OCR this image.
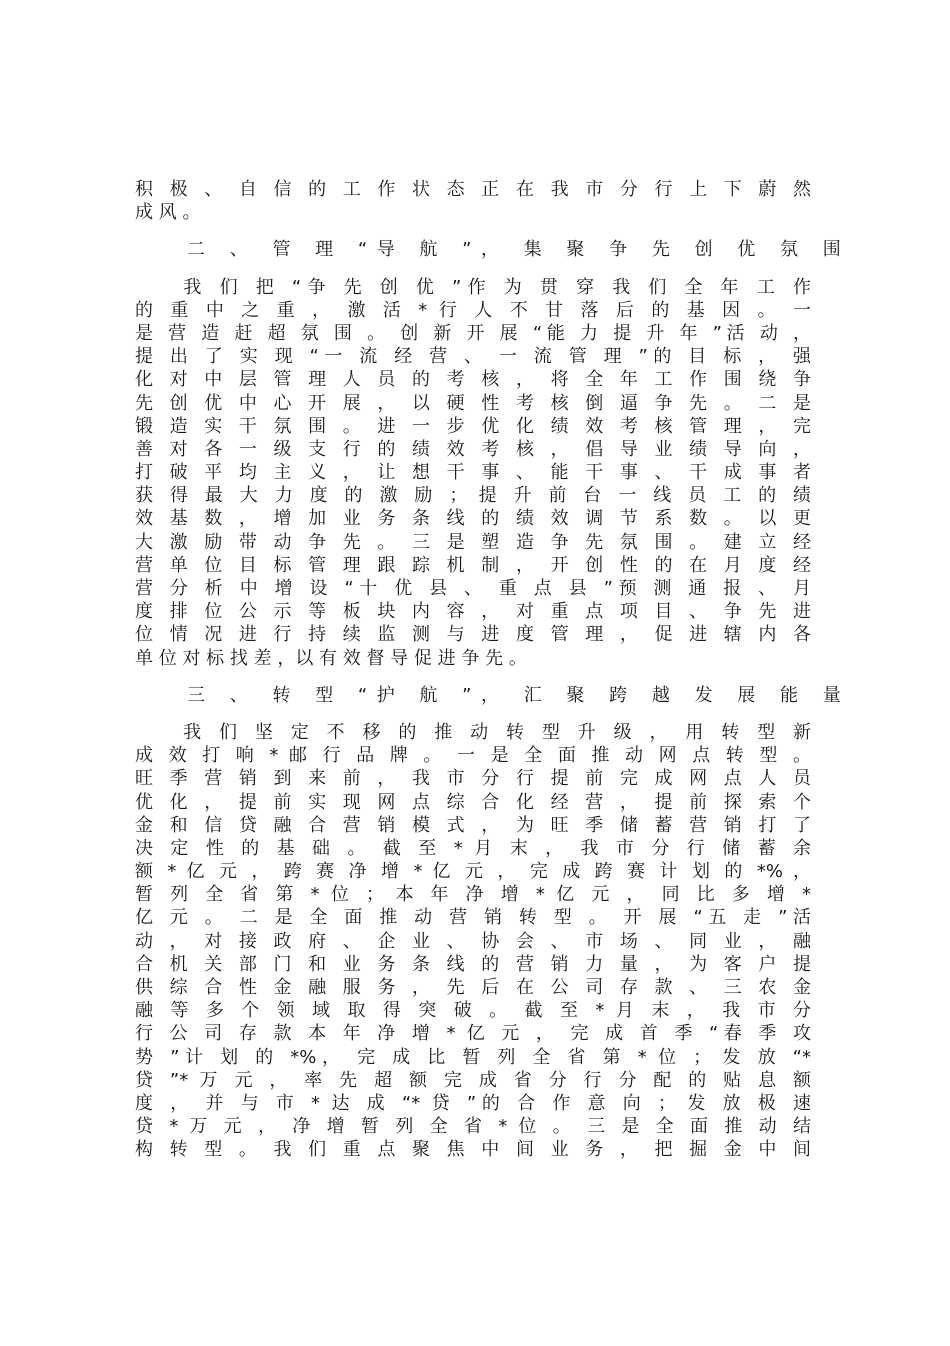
积 极 、 自 信 的 工 作 状 态 正 在 我 市 分 行 上 下 蔚 然
成 风 。
二 、 管 理 “导 航 ”， 集 聚 争 先 创 优 氛 围
　　我 们 把 “争 先 创 优 ”作 为 贯 穿 我 们 全 年 工 作
的 重 中 之 重 ， 激 活 * 行 人 不 甘 落 后 的 基 因 。 一
是 营 造 赶 超 氛 围 。 创 新 开 展 “能 力 提 升 年 ”活 动 ，
提 出 了 实 现 “一 流 经 营 、 一 流 管 理 ”的 目 标 ， 强
化 对 中 层 管 理 人 员 的 考 核 ， 将 全 年 工 作 围 绕 争
先 创 优 中 心 开 展 ， 以 硬 性 考 核 倒 逼 争 先 。 二 是
锻 造 实 干 氛 围 。 进 一 步 优 化 绩 效 考 核 管 理 ， 完
善 对 各 一 级 支 行 的 绩 效 考 核 ， 倡 导 业 绩 导 向 ，
打 破 平 均 主 义 ， 让 想 干 事 、 能 干 事 、 干 成 事 者
获 得 最 大 力 度 的 激 励 ； 提 升 前 台 一 线 员 工 的 绩
效 基 数 ， 增 加 业 务 条 线 的 绩 效 调 节 系 数 。 以 更
大 激 励 带 动 争 先 。 三 是 塑 造 争 先 氛 围 。 建 立 经
营 单 位 目 标 管 理 跟 踪 机 制 ， 开 创 性 的 在 月 度 经
营 分 析 中 增 设 “十 优 县 、 重 点 县 ”预 测 通 报 、 月
度 排 位 公 示 等 板 块 内 容 ， 对 重 点 项 目 、 争 先 进
位 情 况 进 行 持 续 监 测 与 进 度 管 理 ， 促 进 辖 内 各
单 位 对 标 找 差 ，以 有 效 督 导 促 进 争 先 。
三 、 转 型 “护 航 ”， 汇 聚 跨 越 发 展 能 量
　　我 们 坚 定 不 移 的 推 动 转 型 升 级 ， 用 转 型 新
成 效 打 响 * 邮 行 品 牌 。 一 是 全 面 推 动 网 点 转 型 。
旺 季 营 销 到 来 前 ， 我 市 分 行 提 前 完 成 网 点 人 员
优 化 ， 提 前 实 现 网 点 综 合 化 经 营 ， 提 前 探 索 个
金 和 信 贷 融 合 营 销 模 式 ， 为 旺 季 储 蓄 营 销 打 了
决 定 性 的 基 础 。 截 至 * 月 末 ， 我 市 分 行 储 蓄 余
额 * 亿 元 ， 跨 赛 净 增 * 亿 元 ， 完 成 跨 赛 计 划 的 *% ，
暂 列 全 省 第 * 位 ； 本 年 净 增 * 亿 元 ， 同 比 多 增 *
亿 元 。 二 是 全 面 推 动 营 销 转 型 。 开 展 “五 走 ”活
动 ， 对 接 政 府 、 企 业 、 协 会 、 市 场 、 同 业 ， 融
合 机 关 部 门 和 业 务 条 线 的 营 销 力 量 ， 为 客 户 提
供 综 合 性 金 融 服 务 ， 先 后 在 公 司 存 款 、 三 农 金
融 等 多 个 领 域 取 得 突 破 。 截 至 * 月 末 ， 我 市 分
行 公 司 存 款 本 年 净 增 * 亿 元 ， 完 成 首 季 “春 季 攻
势 ”计 划 的 *%， 完 成 比 暂 列 全 省 第 * 位 ； 发 放 “*
贷 ”* 万 元 ， 率 先 超 额 完 成 省 分 行 分 配 的 贴 息 额
度 ， 并 与 市 * 达 成 “* 贷 ”的 合 作 意 向 ； 发 放 极 速
贷 * 万 元 ， 净 增 暂 列 全 省 * 位 。 三 是 全 面 推 动 结
构 转 型 。 我 们 重 点 聚 焦 中 间 业 务 ， 把 掘 金 中 间
